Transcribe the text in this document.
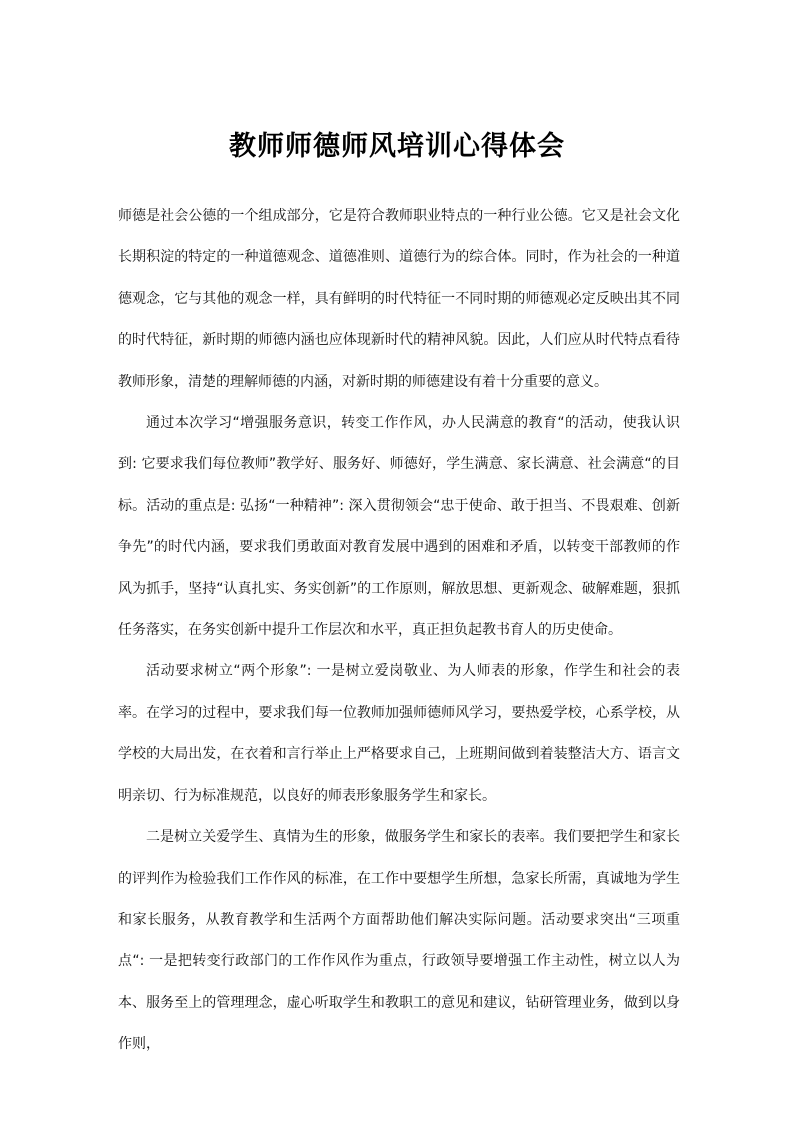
教师师德师风培训心得体会

师德是社会公德的一个组成部分，它是符合教师职业特点的一种行业公德。它又是社会文化长期积淀的特定的一种道德观念、道德准则、道德行为的综合体。同时，作为社会的一种道德观念，它与其他的观念一样，具有鲜明的时代特征一不同时期的师德观必定反映出其不同的时代特征，新时期的师德内涵也应体现新时代的精神风貌。因此，人们应从时代特点看待教师形象，清楚的理解师德的内涵，对新时期的师德建设有着十分重要的意义。

通过本次学习“增强服务意识，转变工作作风，办人民满意的教育“的活动，使我认识到: 它要求我们每位教师”教学好、服务好、师德好，学生满意、家长满意、社会满意“的目标。活动的重点是: 弘扬“一种精神”: 深入贯彻领会“忠于使命、敢于担当、不畏艰难、创新争先”的时代内涵，要求我们勇敢面对教育发展中遇到的困难和矛盾，以转变干部教师的作风为抓手，坚持“认真扎实、务实创新”的工作原则，解放思想、更新观念、破解难题，狠抓任务落实，在务实创新中提升工作层次和水平，真正担负起教书育人的历史使命。

活动要求树立“两个形象”: 一是树立爱岗敬业、为人师表的形象，作学生和社会的表率。在学习的过程中，要求我们每一位教师加强师德师风学习，要热爱学校，心系学校，从学校的大局出发，在衣着和言行举止上严格要求自己，上班期间做到着装整洁大方、语言文明亲切、行为标准规范，以良好的师表形象服务学生和家长。

二是树立关爱学生、真情为生的形象，做服务学生和家长的表率。我们要把学生和家长的评判作为检验我们工作作风的标准，在工作中要想学生所想，急家长所需，真诚地为学生和家长服务，从教育教学和生活两个方面帮助他们解决实际问题。活动要求突出“三项重点“: 一是把转变行政部门的工作作风作为重点，行政领导要增强工作主动性，树立以人为本、服务至上的管理理念，虚心听取学生和教职工的意见和建议，钻研管理业务，做到以身作则，
